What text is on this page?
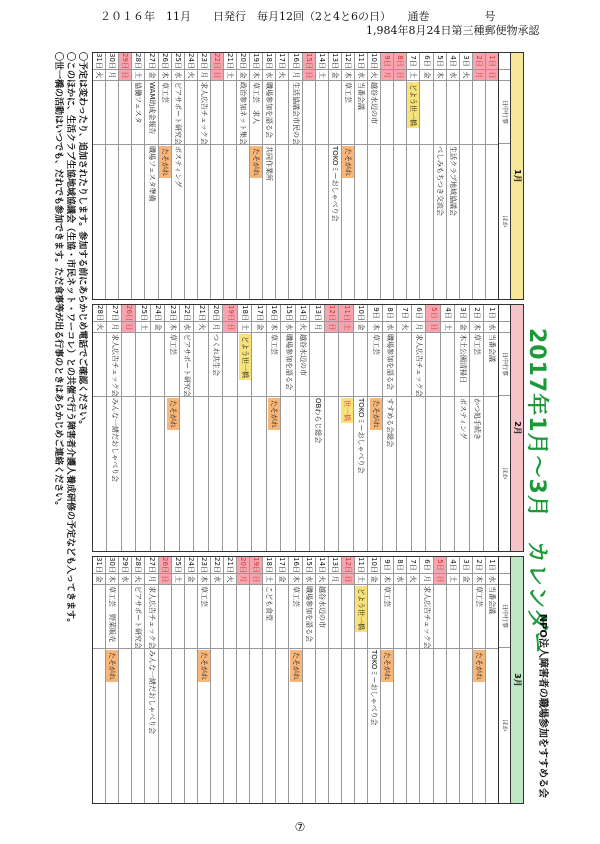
２０１６年　11月　　日発行　毎月12回（2と4と6の日）　　通巻　　　　　号
1,984年8月24日第三種郵便物承認
2017年1月～3月　カレンダー
NPO法人障害者の職場参加をすすめる会
1月
日中行事
ほか
1日
日
2日
月
3日
火
4日
水
生活クラブ地域協議会
5日
木
べしみもちつき交流会
6日
金
7日
土
どよう世一橋
8日
日
9日
月
10日
火
越谷水辺の市
11日
水
当番会議
12日
木
草工芸
たそがれ
13日
金
TOKOミーおしゃべり会
14日
土
15日
日
16日
月
生活協議会市民の会
17日
火
18日
水
職場参加を語る会
共同作業所
19日
木
草工芸　求人
たそがれ
20日
金
政治参加ネット集会
21日
土
22日
日
23日
月
求人広告チェック会
24日
火
25日
水
ピアサポート研究会
ポスティング
26日
木
草工芸
たそがれ
27日
金
WAM助成金報告
職場フェスタ準備
28日
土
協働フェスタ
29日
日
30日
月
31日
火
2月
日中行事
ほか
1日
水
当番会議
2日
木
草工芸
かつ処手続き
3日
金
木土公園清掃日
ポスティング
4日
土
5日
日
6日
月
求人広告チェック会
7日
火
8日
水
職場参加を語る会
すすめる会総会
9日
木
草工芸
たそがれ
10日
金
TOKOミーおしゃべり会
11日
土
世一橋
12日
日
13日
月
OBわらじ総会
14日
火
越谷水辺の市
15日
水
職場参加を語る会
16日
木
草工芸
たそがれ
17日
金
18日
土
どよう世一橋
19日
日
20日
月
つくれ共生会
21日
火
22日
水
ピアサポート研究会
23日
木
草工芸
たそがれ
24日
金
25日
土
26日
日
27日
月
求人広告チェック会
みんな一緒だおしゃべり会
28日
火
3月
日中行事
ほか
1日
水
当番会議
2日
木
草工芸
たそがれ
3日
金
4日
土
5日
日
6日
月
求人広告チェック会
7日
火
8日
水
9日
木
草工芸
たそがれ
10日
金
TOKOミーおしゃべり会
11日
土
どよう世一橋
12日
日
13日
月
14日
火
越谷水辺の市
15日
水
職場参加を語る会
16日
木
草工芸
たそがれ
17日
金
18日
土
こども食堂
19日
日
20日
月
21日
火
22日
水
23日
木
草工芸
たそがれ
24日
金
25日
土
26日
日
27日
月
求人広告チェック会
みんな一緒だおしゃべり会
28日
火
ピアサポート研究会
29日
水
30日
木
草工芸　野菜販売
たそがれ
31日
金
〇予定は変わったり、追加されたりします。参加する前にあらかじめ電話でご確認ください。
〇このほかに、生活クラブ生協地域協議会（生協・市民ネット・ワーコレ）との共催で行う障害者介護人養成研修の予定なども入ってきます。
〇世一橋の活動はいつでも、だれでも参加できます。ただ食事等が出る行事のときはあらかじめご連絡ください。
⑦
